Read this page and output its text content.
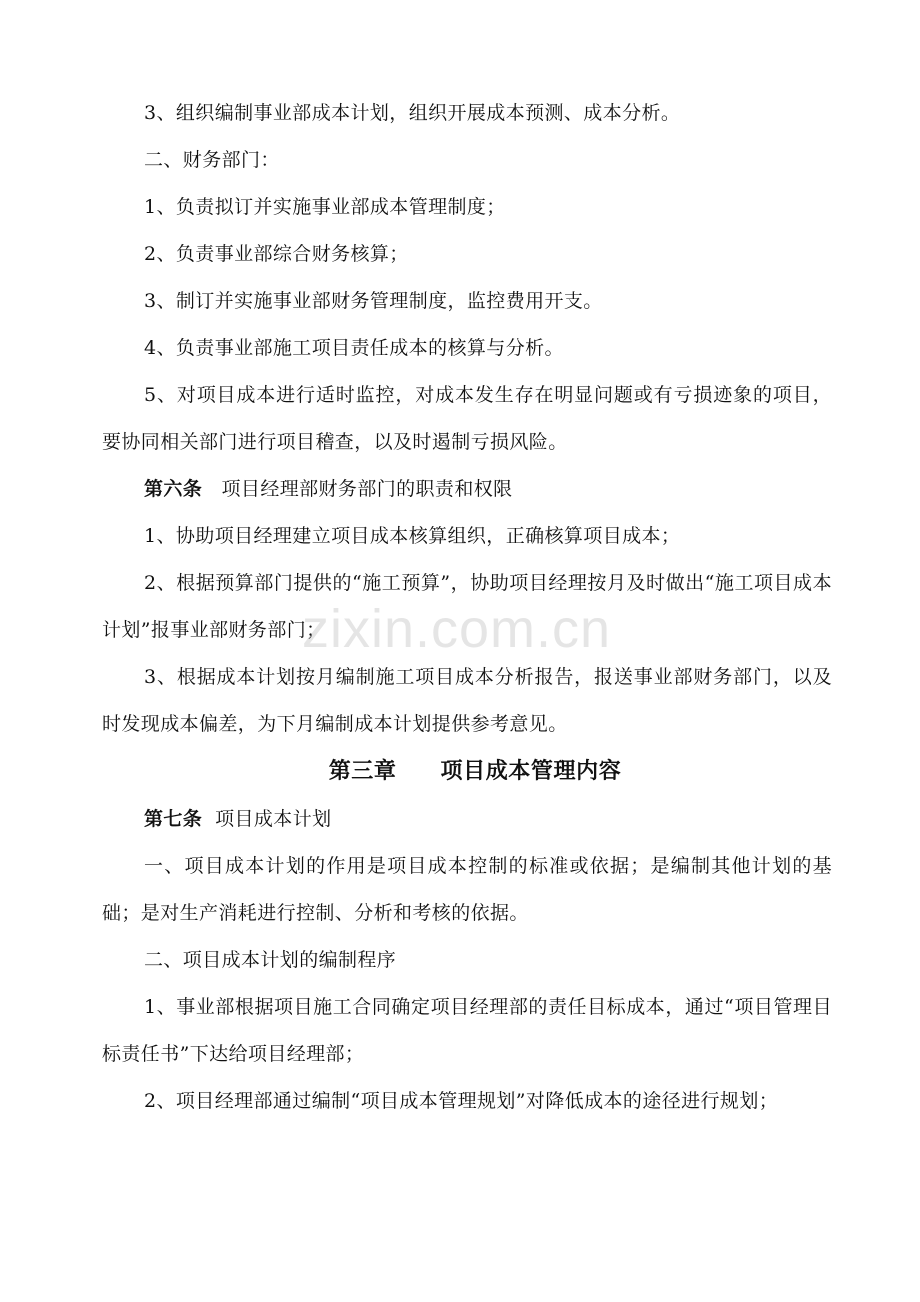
3、组织编制事业部成本计划，组织开展成本预测、成本分析。

二、财务部门：

1、负责拟订并实施事业部成本管理制度；

2、负责事业部综合财务核算；

3、制订并实施事业部财务管理制度，监控费用开支。

4、负责事业部施工项目责任成本的核算与分析。

5、对项目成本进行适时监控，对成本发生存在明显问题或有亏损迹象的项目，要协同相关部门进行项目稽查，以及时遏制亏损风险。

第六条 项目经理部财务部门的职责和权限

1、协助项目经理建立项目成本核算组织，正确核算项目成本；

2、根据预算部门提供的“施工预算”，协助项目经理按月及时做出“施工项目成本计划”报事业部财务部门；

3、根据成本计划按月编制施工项目成本分析报告，报送事业部财务部门，以及时发现成本偏差，为下月编制成本计划提供参考意见。

第三章 项目成本管理内容

第七条 项目成本计划

一、项目成本计划的作用是项目成本控制的标准或依据；是编制其他计划的基础；是对生产消耗进行控制、分析和考核的依据。

二、项目成本计划的编制程序

1、事业部根据项目施工合同确定项目经理部的责任目标成本，通过“项目管理目标责任书”下达给项目经理部；

2、项目经理部通过编制“项目成本管理规划”对降低成本的途径进行规划；

zixin.com.cn
